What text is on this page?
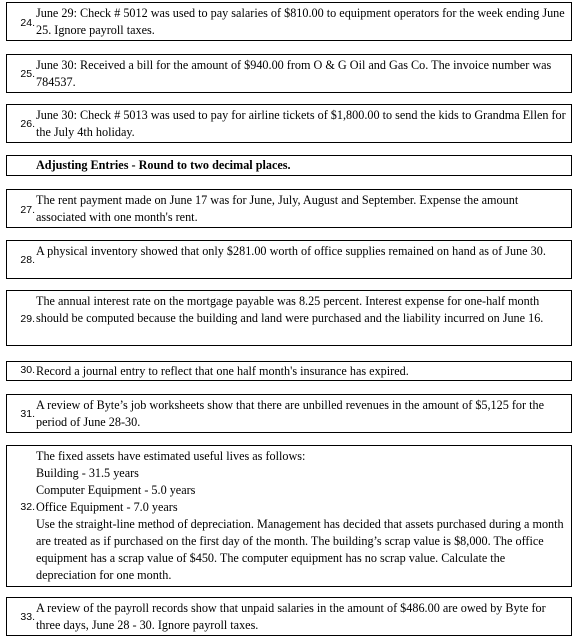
24.
June 29: Check # 5012 was used to pay salaries of $810.00 to equipment operators for the week ending June 25. Ignore payroll taxes.
25.
June 30: Received a bill for the amount of $940.00 from O & G Oil and Gas Co. The invoice number was 784537.
26.
June 30: Check # 5013 was used to pay for airline tickets of $1,800.00 to send the kids to Grandma Ellen for the July 4th holiday.
Adjusting Entries - Round to two decimal places.
27.
The rent payment made on June 17 was for June, July, August and September. Expense the amount associated with one month's rent.
28.
A physical inventory showed that only $281.00 worth of office supplies remained on hand as of June 30.
29.
The annual interest rate on the mortgage payable was 8.25 percent. Interest expense for one-half month should be computed because the building and land were purchased and the liability incurred on June 16.
30. Record a journal entry to reflect that one half month's insurance has expired.
31.
A review of Byte’s job worksheets show that there are unbilled revenues in the amount of $5,125 for the period of June 28-30.
32.

The fixed assets have estimated useful lives as follows:

Building - 31.5 years

Computer Equipment - 5.0 years

Office Equipment - 7.0 years

Use the straight-line method of depreciation. Management has decided that assets purchased during a month are treated as if purchased on the first day of the month. The building’s scrap value is $8,000. The office equipment has a scrap value of $450. The computer equipment has no scrap value. Calculate the depreciation for one month.

33.
A review of the payroll records show that unpaid salaries in the amount of $486.00 are owed by Byte for three days, June 28 - 30. Ignore payroll taxes.
